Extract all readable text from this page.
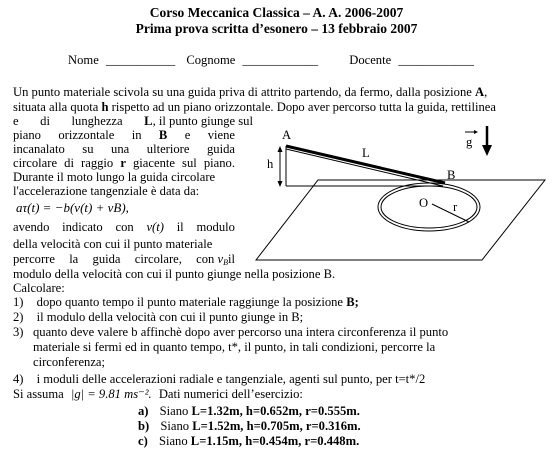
Corso Meccanica Classica – A. A. 2006-2007
Prima prova scritta d’esonero – 13 febbraio 2007
Nome ___________ Cognome ____________ Docente ____________
Un punto materiale scivola su una guida priva di attrito partendo, da fermo, dalla posizione A,
situata alla quota h rispetto ad un piano orizzontale. Dopo aver percorso tutta la guida, rettilinea
e di lunghezza L, il punto giunge sul
piano orizzontale in B e viene
incanalato su una ulteriore guida
circolare di raggio r giacente sul piano.
Durante il moto lungo la guida circolare
l'accelerazione tangenziale è data da:
aτ(t) = −b(v(t) + vB),
avendo indicato con v(t) il modulo
della velocità con cui il punto materiale
percorre la guida circolare, con $v_Bil$
modulo della velocità con cui il punto giunge nella posizione B.
Calcolare:
1) dopo quanto tempo il punto materiale raggiunge la posizione B;
2) il modulo della velocità con cui il punto giunge in B;
3) quanto deve valere b affinchè dopo aver percorso una intera circonferenza il punto
materiale si fermi ed in quanto tempo, t*, il punto, in tali condizioni, percorre la
circonferenza;
4) i moduli delle accelerazioni radiale e tangenziale, agenti sul punto, per t=t*/2
Si assuma |g| = 9.81 ms⁻². Dati numerici dell’esercizio:
a) Siano L=1.32m, h=0.652m, r=0.555m.
b) Siano L=1.52m, h=0.705m, r=0.316m.
c) Siano L=1.15m, h=0.454m, r=0.448m.
A
L
h
B
O r
g
